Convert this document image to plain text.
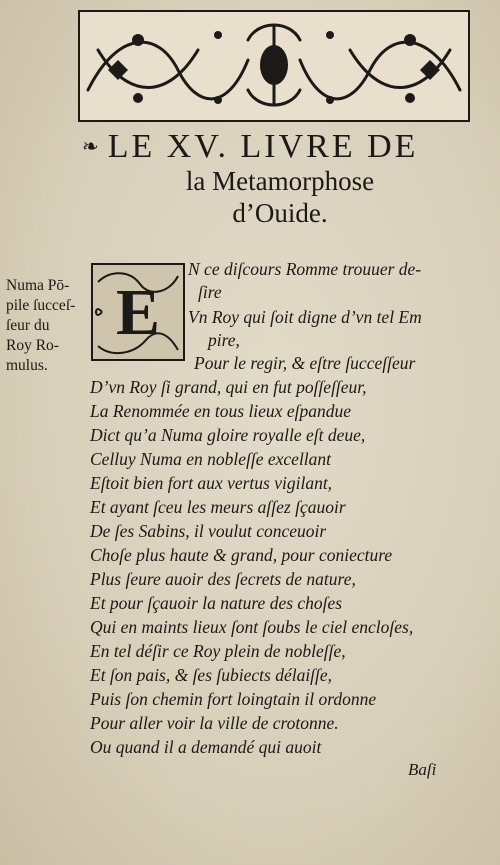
❧ LE XV. LIVRE DE
la Metamorphose
d’Ouide.
Numa Pō-
pile ſucceſ-
ſeur du
Roy Ro-
mulus.
E
N ce diſcours Romme trouuer de-
ſire
Vn Roy qui ſoit digne d’vn tel Em
pire,
Pour le regir, & eſtre ſucceſſeur
D’vn Roy ſi grand, qui en fut poſſeſſeur,
La Renommée en tous lieux eſpandue
Dict qu’a Numa gloire royalle eſt deue,
Celluy Numa en nobleſſe excellant
Eſtoit bien fort aux vertus vigilant,
Et ayant ſceu les meurs aſſez ſçauoir
De ſes Sabins, il voulut conceuoir
Choſe plus haute & grand, pour coniecture
Plus ſeure auoir des ſecrets de nature,
Et pour ſçauoir la nature des choſes
Qui en maints lieux ſont ſoubs le ciel encloſes,
En tel déſir ce Roy plein de nobleſſe,
Et ſon pais, & ſes ſubiects délaiſſe,
Puis ſon chemin fort loingtain il ordonne
Pour aller voir la ville de crotonne.
Ou quand il a demandé qui auoit
Baſi
